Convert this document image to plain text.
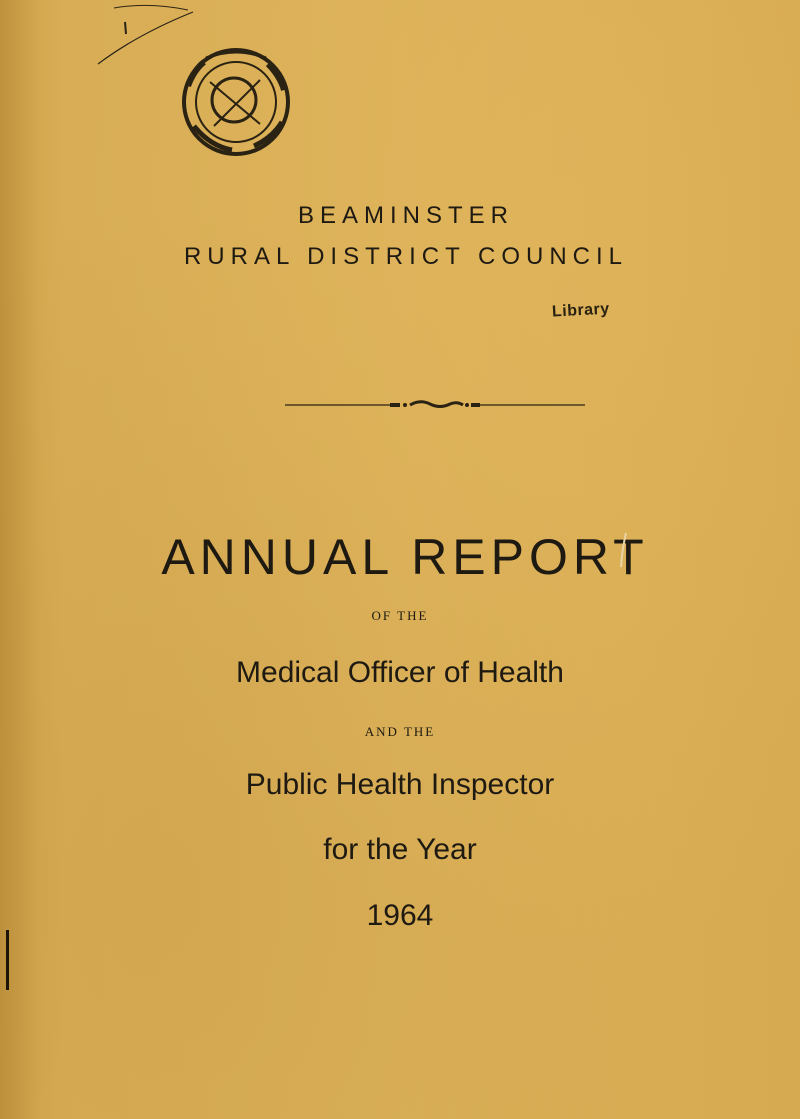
BEAMINSTER
RURAL DISTRICT COUNCIL
Library
ANNUAL REPORT
OF THE
Medical Officer of Health
AND THE
Public Health Inspector
for the Year
1964
